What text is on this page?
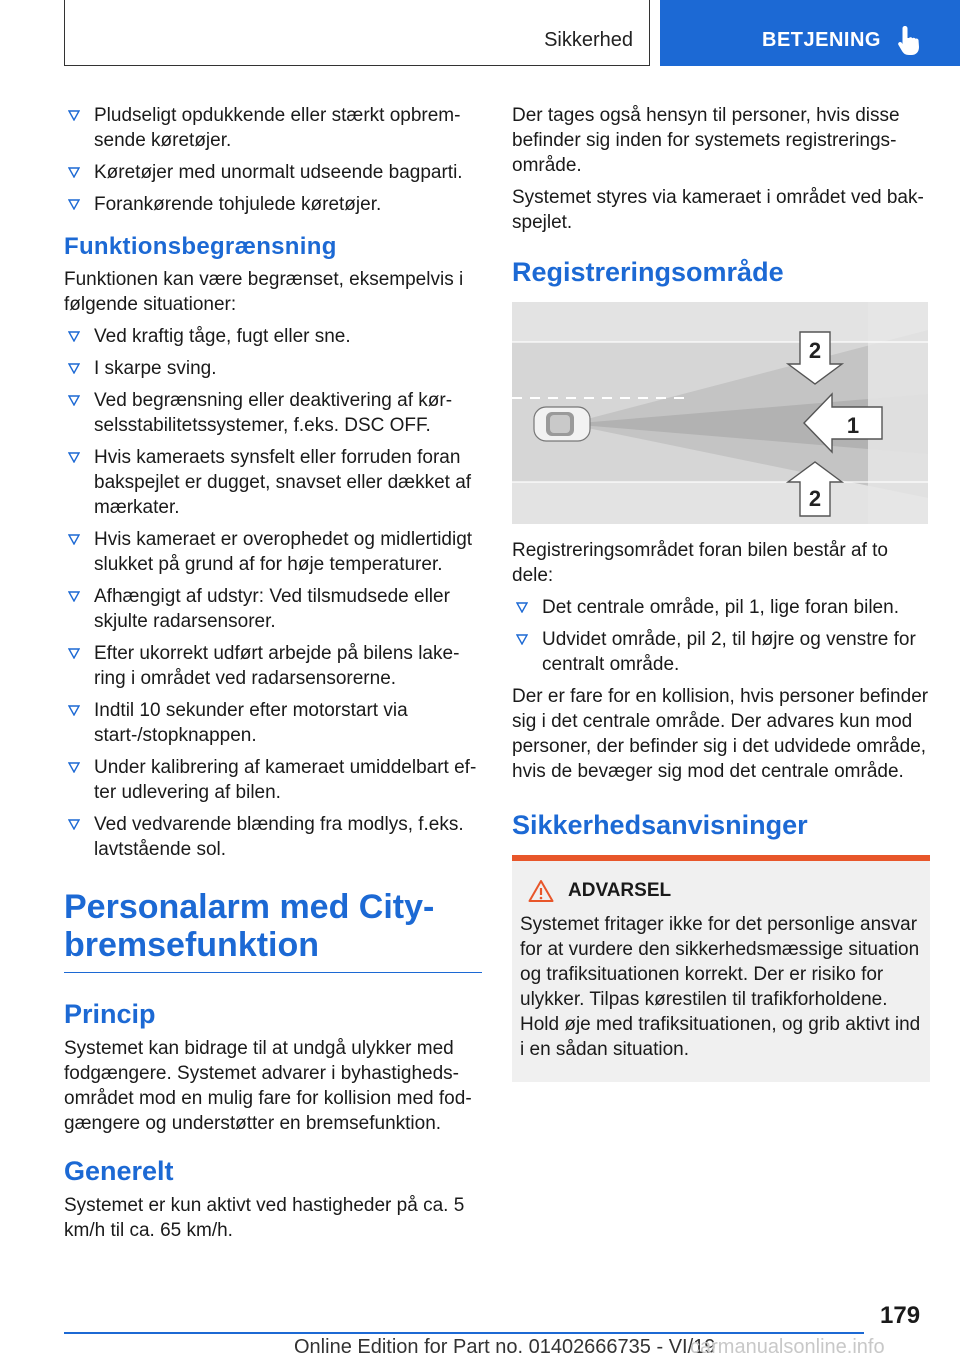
Sikkerhed	BETJENING
Pludseligt opdukkende eller stærkt opbremsende køretøjer.
Køretøjer med unormalt udseende bagparti.
Forankørende tohjulede køretøjer.
Funktionsbegrænsning

Funktionen kan være begrænset, eksempelvis i følgende situationer:

Ved kraftig tåge, fugt eller sne.
I skarpe sving.
Ved begrænsning eller deaktivering af kørselsstabilitetssystemer, f.eks. DSC OFF.
Hvis kameraets synsfelt eller forruden foran bakspejlet er dugget, snavset eller dækket af mærkater.
Hvis kameraet er overophedet og midlertidigt slukket på grund af for høje temperaturer.
Afhængigt af udstyr: Ved tilsmudsede eller skjulte radarsensorer.
Efter ukorrekt udført arbejde på bilens lakering i området ved radarsensorerne.
Indtil 10 sekunder efter motorstart via start-/stopknappen.
Under kalibrering af kameraet umiddelbart efter udlevering af bilen.
Ved vedvarende blænding fra modlys, f.eks. lavtstående sol.
Personalarm med City-bremsefunktion
Princip

Systemet kan bidrage til at undgå ulykker med fodgængere. Systemet advarer i byhastighedsområdet mod en mulig fare for kollision med fodgængere og understøtter en bremsefunktion.

Generelt

Systemet er kun aktivt ved hastigheder på ca. 5 km/h til ca. 65 km/h.

Der tages også hensyn til personer, hvis disse befinder sig inden for systemets registreringsområde.

Systemet styres via kameraet i området ved bakspejlet.

Registreringsområde
1
2
2

Registreringsområdet foran bilen består af to dele:

Det centrale område, pil 1, lige foran bilen.
Udvidet område, pil 2, til højre og venstre for centralt område.

Der er fare for en kollision, hvis personer befinder sig i det centrale område. Der advares kun mod personer, der befinder sig i det udvidede område, hvis de bevæger sig mod det centrale område.

Sikkerhedsanvisninger
ADVARSEL

Systemet fritager ikke for det personlige ansvar for at vurdere den sikkerhedsmæssige situation og trafiksituationen korrekt. Der er risiko for ulykker. Tilpas kørestilen til trafikforholdene. Hold øje med trafiksituationen, og grib aktivt ind i en sådan situation.

179
Online Edition for Part no. 01402666735 - VI/19
carmanualsonline.info
